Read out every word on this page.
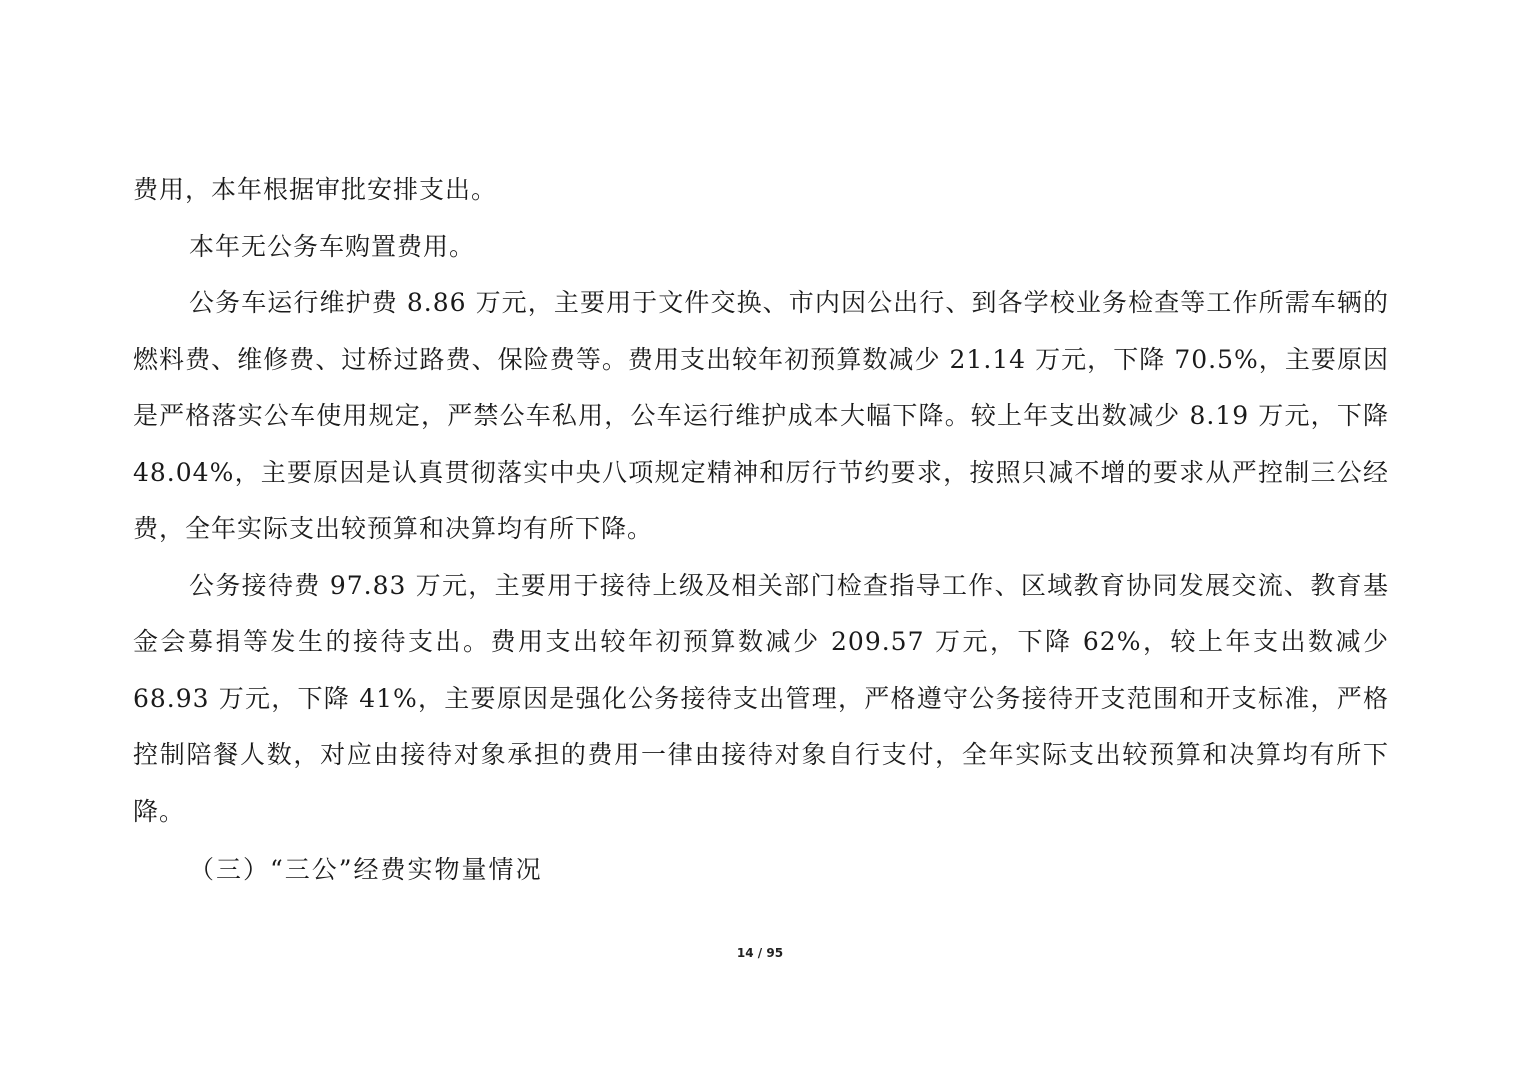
费用，本年根据审批安排支出。

本年无公务车购置费用。

公务车运行维护费 8.86 万元，主要用于文件交换、市内因公出行、到各学校业务检查等工作所需车辆的燃料费、维修费、过桥过路费、保险费等。费用支出较年初预算数减少 21.14 万元，下降 70.5%，主要原因是严格落实公车使用规定，严禁公车私用，公车运行维护成本大幅下降。较上年支出数减少 8.19 万元，下降 48.04%，主要原因是认真贯彻落实中央八项规定精神和厉行节约要求，按照只减不增的要求从严控制三公经费，全年实际支出较预算和决算均有所下降。

公务接待费 97.83 万元，主要用于接待上级及相关部门检查指导工作、区域教育协同发展交流、教育基金会募捐等发生的接待支出。费用支出较年初预算数减少 209.57 万元，下降 62%，较上年支出数减少 68.93 万元，下降 41%，主要原因是强化公务接待支出管理，严格遵守公务接待开支范围和开支标准，严格控制陪餐人数，对应由接待对象承担的费用一律由接待对象自行支付，全年实际支出较预算和决算均有所下降。

（三）“三公”经费实物量情况

14 / 95
